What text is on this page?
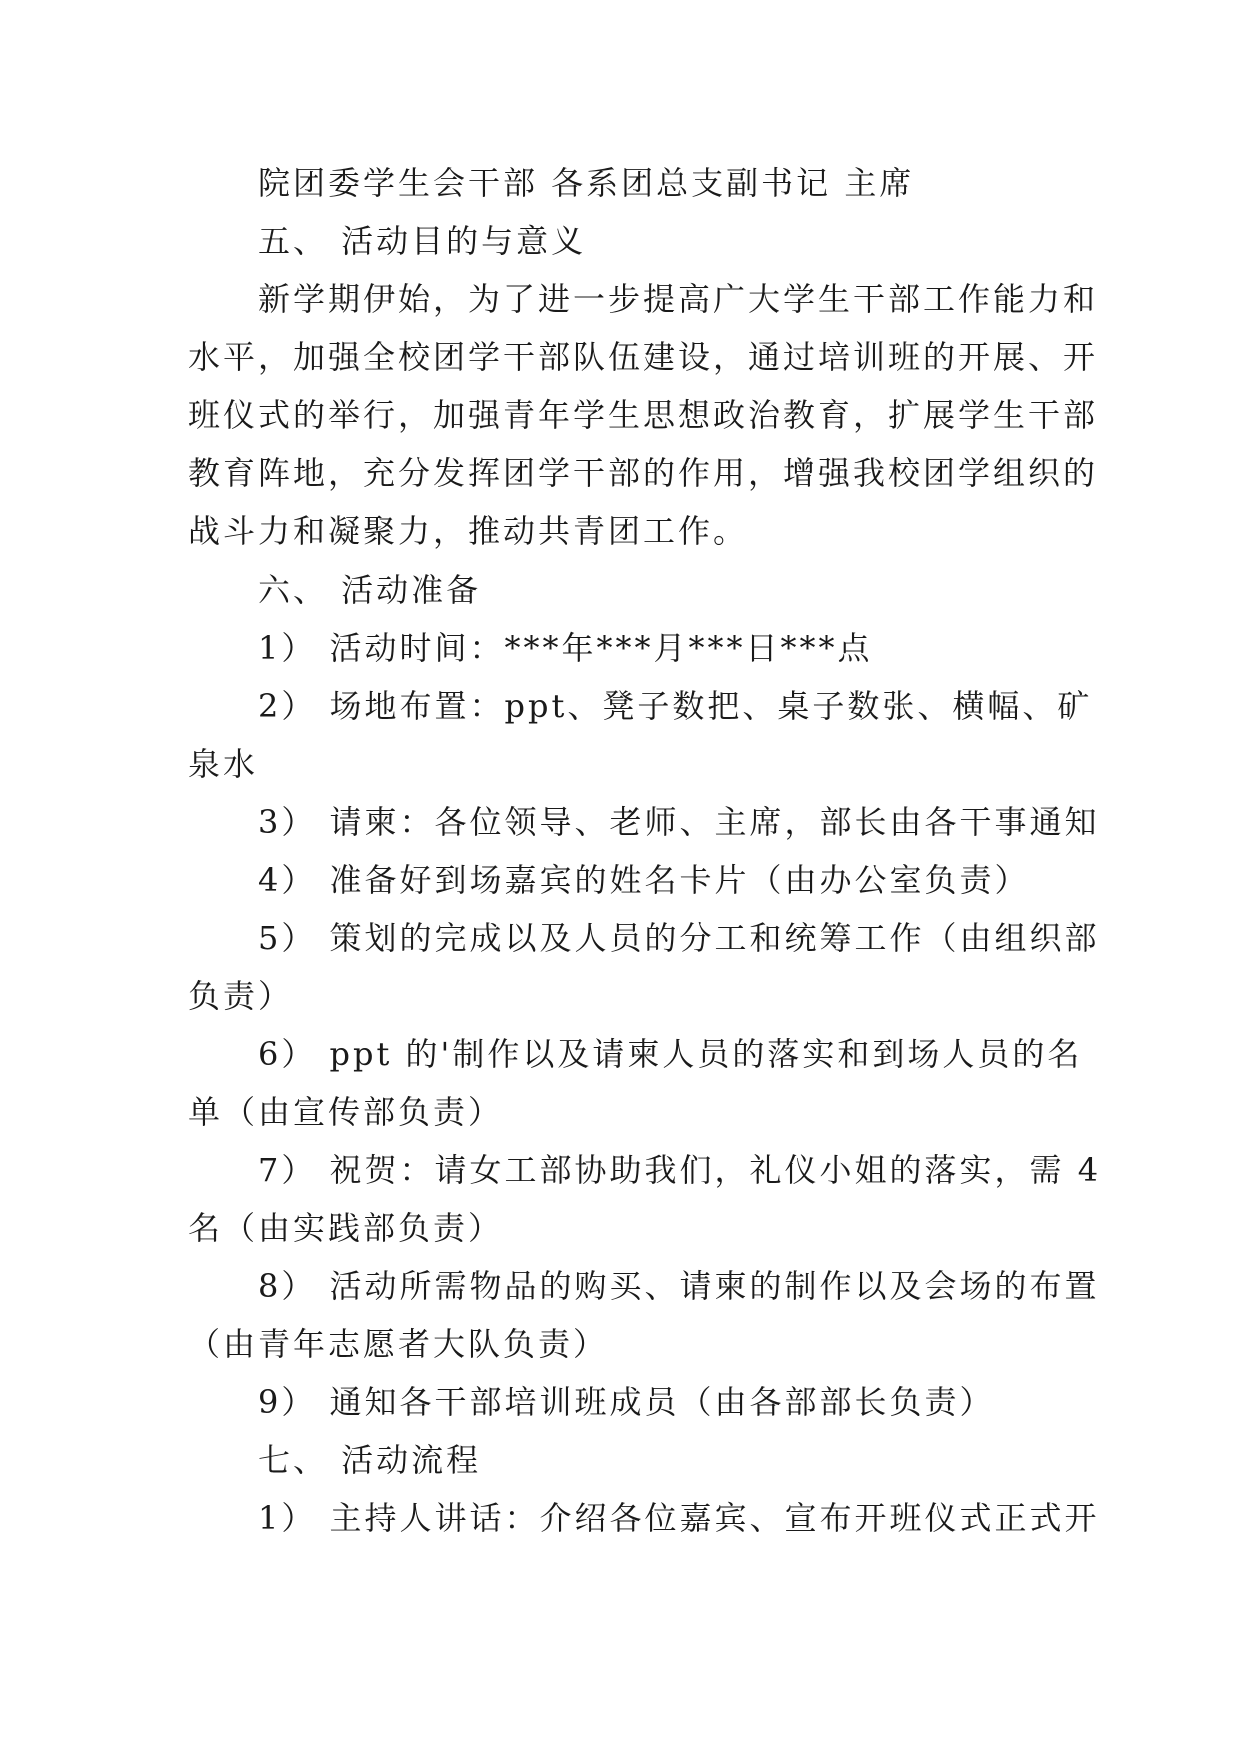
院团委学生会干部 各系团总支副书记 主席
五、 活动目的与意义
新学期伊始，为了进一步提高广大学生干部工作能力和
水平，加强全校团学干部队伍建设，通过培训班的开展、开
班仪式的举行，加强青年学生思想政治教育，扩展学生干部
教育阵地，充分发挥团学干部的作用，增强我校团学组织的
战斗力和凝聚力，推动共青团工作。
六、 活动准备
1） 活动时间：***年***月***日***点
2） 场地布置：ppt、凳子数把、桌子数张、横幅、矿
泉水
3） 请柬：各位领导、老师、主席，部长由各干事通知
4） 准备好到场嘉宾的姓名卡片（由办公室负责）
5） 策划的完成以及人员的分工和统筹工作（由组织部
负责）
6） ppt 的'制作以及请柬人员的落实和到场人员的名
单（由宣传部负责）
7） 祝贺：请女工部协助我们，礼仪小姐的落实，需 4
名（由实践部负责）
8） 活动所需物品的购买、请柬的制作以及会场的布置
（由青年志愿者大队负责）
9） 通知各干部培训班成员（由各部部长负责）
七、 活动流程
1） 主持人讲话：介绍各位嘉宾、宣布开班仪式正式开
